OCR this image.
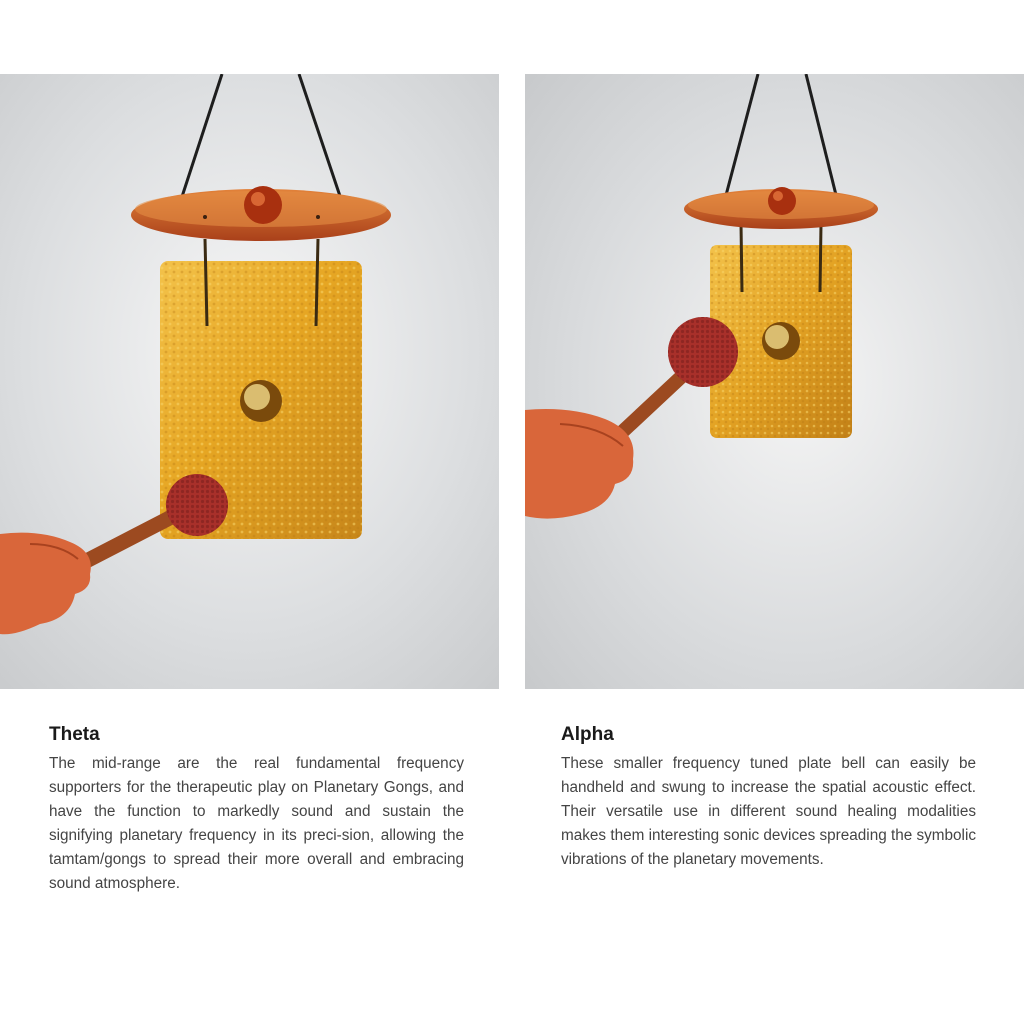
Theta

The mid-range are the real fundamental frequency supporters for the therapeutic play on Planetary Gongs, and have the function to markedly sound and sustain the signifying planetary frequency in its preci-sion, allowing the tamtam/gongs to spread their more overall and embracing sound atmosphere.

Alpha

These smaller frequency tuned plate bell can easily be handheld and swung to increase the spatial acoustic effect. Their versatile use in different sound healing modalities makes them interesting sonic devices spreading the symbolic vibrations of the planetary movements.
